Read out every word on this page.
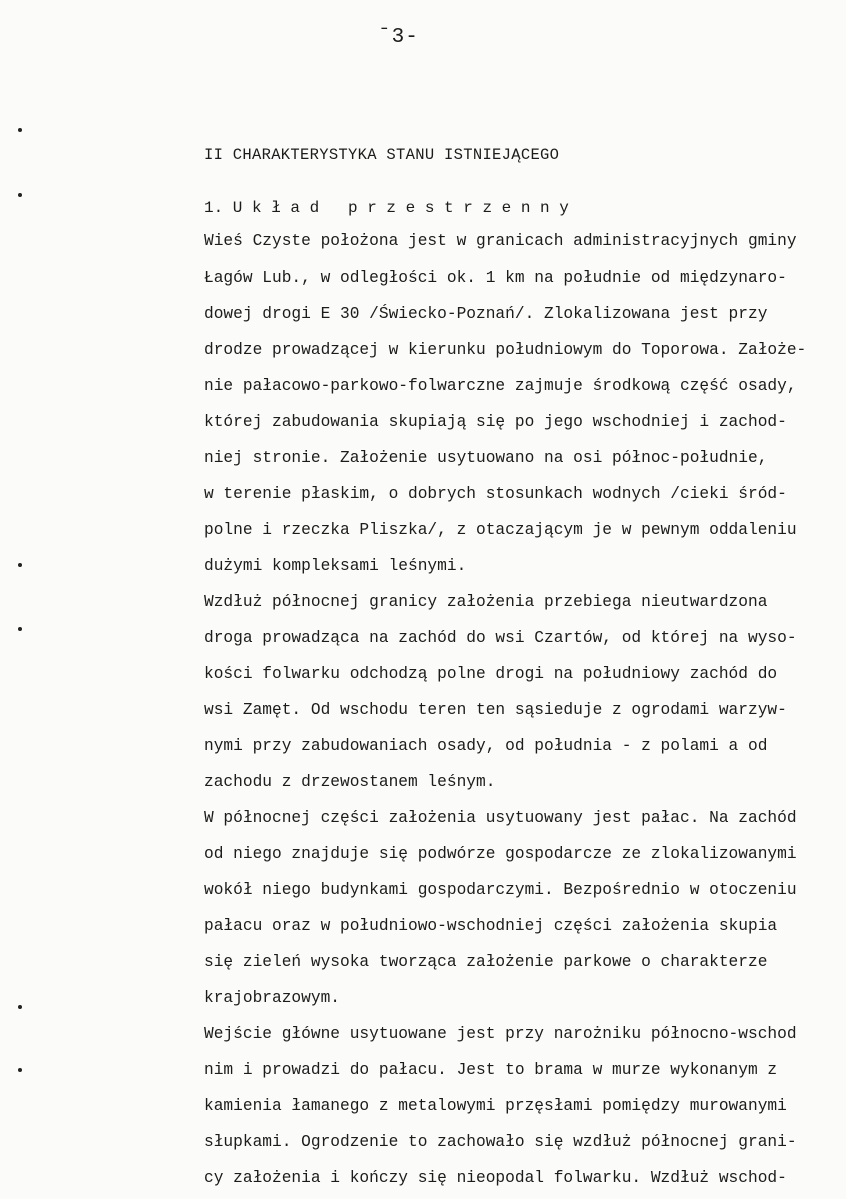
ˉ3-
II CHARAKTERYSTYKA STANU ISTNIEJĄCEGO
1. U k ł a d   p r z e s t r z e n n y
Wieś Czyste położona jest w granicach administracyjnych gminy
Łagów Lub., w odległości ok. 1 km na południe od międzynaro-
dowej drogi E 30 /Świecko-Poznań/. Zlokalizowana jest przy
drodze prowadzącej w kierunku południowym do Toporowa. Założe-
nie pałacowo-parkowo-folwarczne zajmuje środkową część osady,
której zabudowania skupiają się po jego wschodniej i zachod-
niej stronie. Założenie usytuowano na osi północ-południe,
w terenie płaskim, o dobrych stosunkach wodnych /cieki śród-
polne i rzeczka Pliszka/, z otaczającym je w pewnym oddaleniu
dużymi kompleksami leśnymi.
Wzdłuż północnej granicy założenia przebiega nieutwardzona
droga prowadząca na zachód do wsi Czartów, od której na wyso-
kości folwarku odchodzą polne drogi na południowy zachód do
wsi Zamęt. Od wschodu teren ten sąsieduje z ogrodami warzyw-
nymi przy zabudowaniach osady, od południa - z polami a od
zachodu z drzewostanem leśnym.
W północnej części założenia usytuowany jest pałac. Na zachód
od niego znajduje się podwórze gospodarcze ze zlokalizowanymi
wokół niego budynkami gospodarczymi. Bezpośrednio w otoczeniu
pałacu oraz w południowo-wschodniej części założenia skupia
się zieleń wysoka tworząca założenie parkowe o charakterze
krajobrazowym.
Wejście główne usytuowane jest przy narożniku północno-wschod
nim i prowadzi do pałacu. Jest to brama w murze wykonanym z
kamienia łamanego z metalowymi przęsłami pomiędzy murowanymi
słupkami. Ogrodzenie to zachowało się wzdłuż północnej grani-
cy założenia i kończy się nieopodal folwarku. Wzdłuż wschod-
